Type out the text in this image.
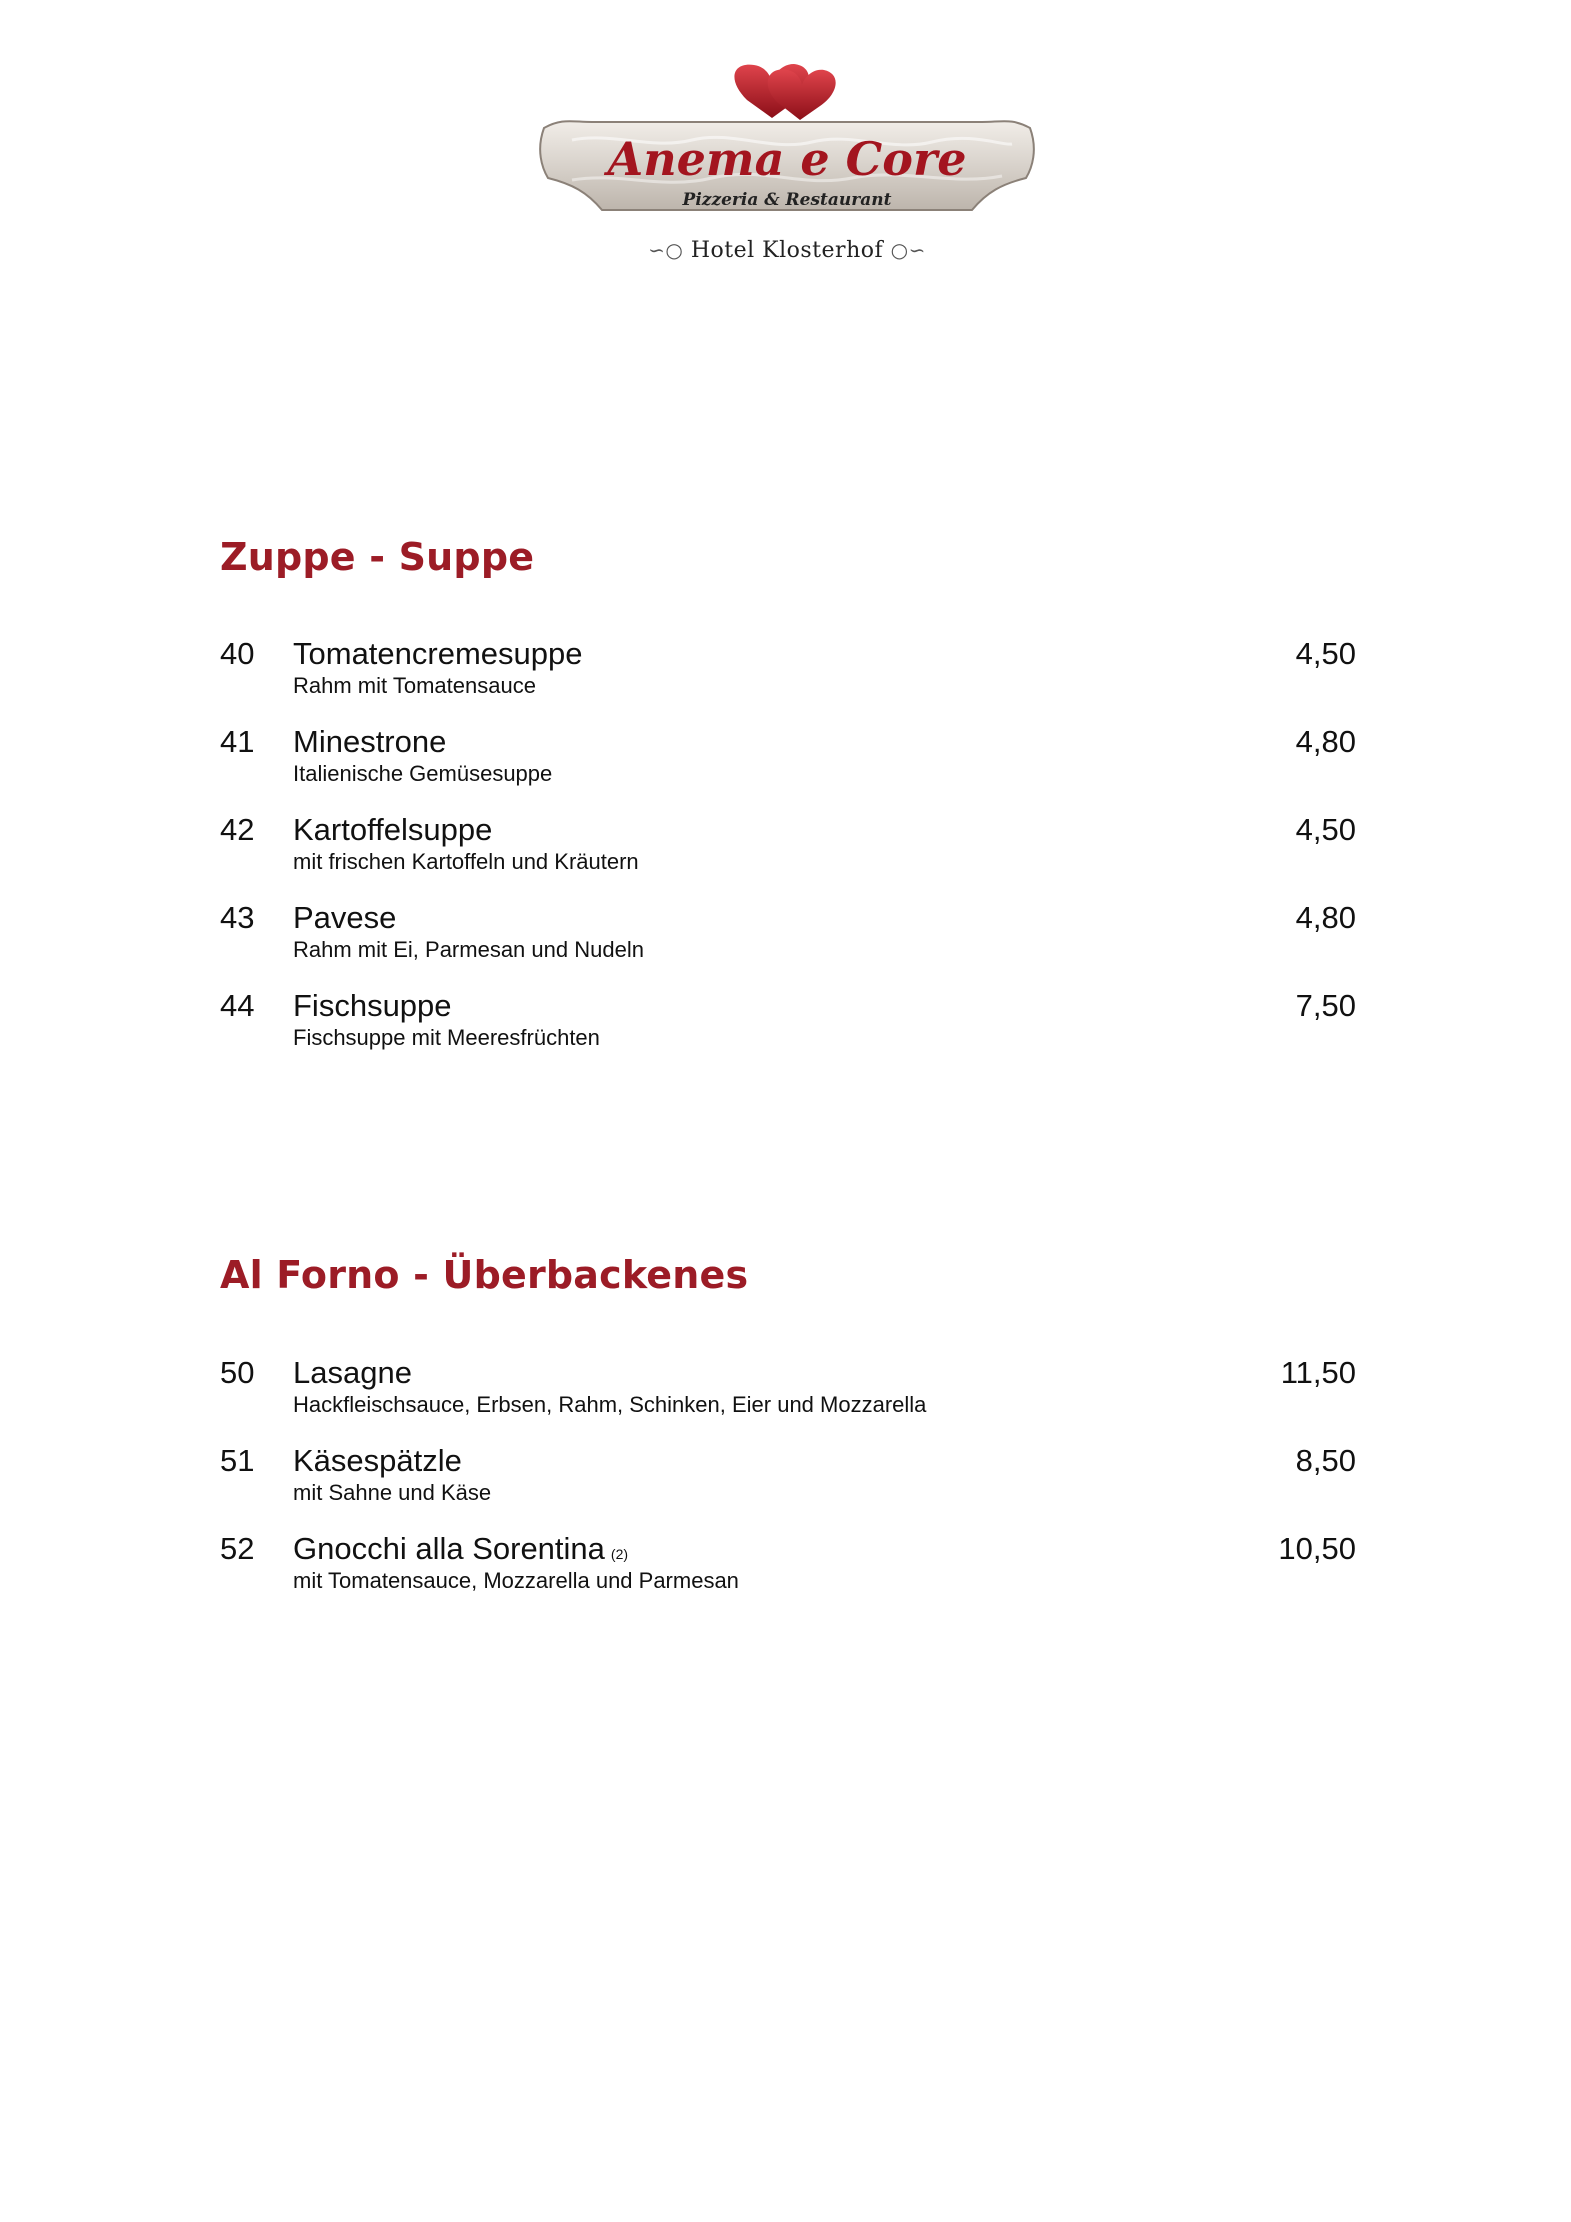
Anema e Core
Pizzeria & Restaurant
∽○ Hotel Klosterhof ○∽
Zuppe - Suppe
40 Tomatencremesuppe
Rahm mit Tomatensauce
4,50
41 Minestrone
Italienische Gemüsesuppe
4,80
42 Kartoffelsuppe
mit frischen Kartoffeln und Kräutern
4,50
43 Pavese
Rahm mit Ei, Parmesan und Nudeln
4,80
44 Fischsuppe
Fischsuppe mit Meeresfrüchten
7,50
Al Forno - Überbackenes
50 Lasagne
Hackfleischsauce, Erbsen, Rahm, Schinken, Eier und Mozzarella
11,50
51 Käsespätzle
mit Sahne und Käse
8,50
52 Gnocchi alla Sorentina (2)
mit Tomatensauce, Mozzarella und Parmesan
10,50
